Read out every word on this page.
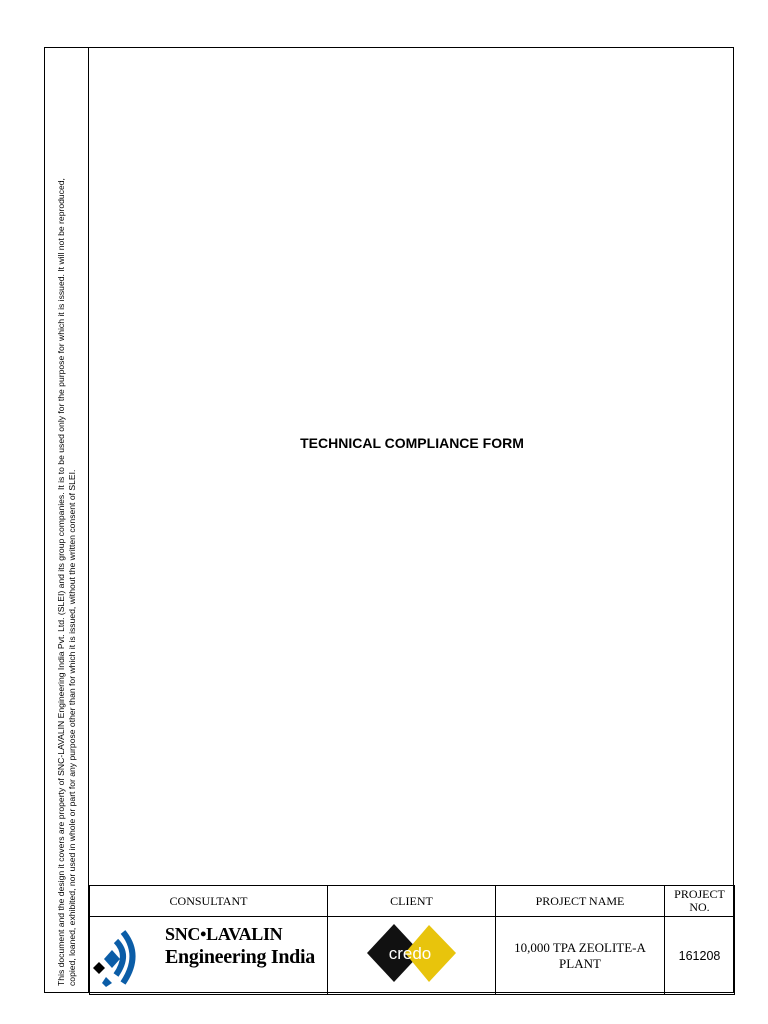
This document and the design it covers are property of SNC-LAVALIN Engineering India Pvt. Ltd. (SLEI) and its group companies. It is to be used only for the purpose for which it is issued. It will not be reproduced, copied, loaned, exhibited, nor used in whole or part for any purpose other than for which it is issued, without the written consent of SLEI.
TECHNICAL COMPLIANCE FORM
CONSULTANT	CLIENT	PROJECT NAME	PROJECT NO.

SNC•LAVALIN
Engineering India	credo	10,000 TPA ZEOLITE-A PLANT	161208
